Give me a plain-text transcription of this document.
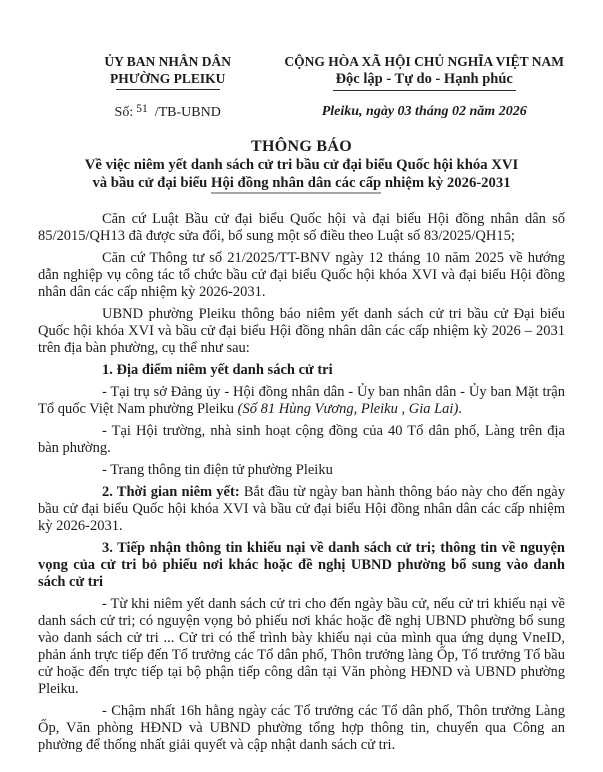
ỦY BAN NHÂN DÂN
PHƯỜNG PLEIKU
Số: $^{51}$ /TB-UBND
CỘNG HÒA XÃ HỘI CHỦ NGHĨA VIỆT NAM
Độc lập - Tự do - Hạnh phúc
Pleiku, ngày 03 tháng 02 năm 2026
THÔNG BÁO
Về việc niêm yết danh sách cử tri bầu cử đại biểu Quốc hội khóa XVI
và bầu cử đại biểu Hội đồng nhân dân các cấp nhiệm kỳ 2026-2031

Căn cứ Luật Bầu cử đại biểu Quốc hội và đại biểu Hội đồng nhân dân số 85/2015/QH13 đã được sửa đổi, bổ sung một số điều theo Luật số 83/2025/QH15;

Căn cứ Thông tư số 21/2025/TT-BNV ngày 12 tháng 10 năm 2025 về hướng dẫn nghiệp vụ công tác tổ chức bầu cử đại biểu Quốc hội khóa XVI và đại biểu Hội đồng nhân dân các cấp nhiệm kỳ 2026-2031.

UBND phường Pleiku thông báo niêm yết danh sách cử tri bầu cử Đại biểu Quốc hội khóa XVI và bầu cử đại biểu Hội đồng nhân dân các cấp nhiệm kỳ 2026 – 2031 trên địa bàn phường, cụ thể như sau:

1. Địa điểm niêm yết danh sách cử tri

- Tại trụ sở Đảng ủy - Hội đồng nhân dân - Ủy ban nhân dân - Ủy ban Mặt trận Tổ quốc Việt Nam phường Pleiku (Số 81 Hùng Vương, Pleiku , Gia Lai).

- Tại Hội trường, nhà sinh hoạt cộng đồng của 40 Tổ dân phố, Làng trên địa bàn phường.

- Trang thông tin điện tử phường Pleiku

2. Thời gian niêm yết: Bắt đầu từ ngày ban hành thông báo này cho đến ngày bầu cử đại biểu Quốc hội khóa XVI và bầu cử đại biểu Hội đồng nhân dân các cấp nhiệm kỳ 2026-2031.

3. Tiếp nhận thông tin khiếu nại về danh sách cử tri; thông tin về nguyện vọng của cử tri bỏ phiếu nơi khác hoặc đề nghị UBND phường bổ sung vào danh sách cử tri

- Từ khi niêm yết danh sách cử tri cho đến ngày bầu cử, nếu cử tri khiếu nại về danh sách cử tri; có nguyện vọng bỏ phiếu nơi khác hoặc đề nghị UBND phường bổ sung vào danh sách cử tri ... Cử tri có thể trình bày khiếu nại của mình qua ứng dụng VneID, phản ánh trực tiếp đến Tổ trưởng các Tổ dân phố, Thôn trưởng làng Ốp, Tổ trưởng Tổ bầu cử hoặc đến trực tiếp tại bộ phận tiếp công dân tại Văn phòng HĐND và UBND phường Pleiku.

- Chậm nhất 16h hằng ngày các Tổ trưởng các Tổ dân phố, Thôn trưởng Làng Ốp, Văn phòng HĐND và UBND phường tổng hợp thông tin, chuyển qua Công an phường để thống nhất giải quyết và cập nhật danh sách cử tri.
